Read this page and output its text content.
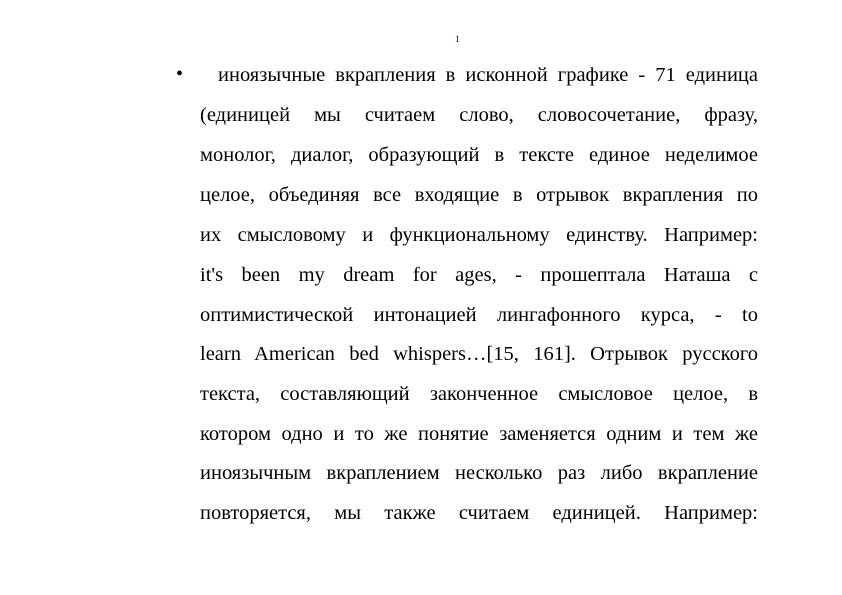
1
• иноязычные вкрапления в исконной графике - 71 единица
(единицей мы считаем слово, словосочетание, фразу,
монолог, диалог, образующий в тексте единое неделимое
целое, объединяя все входящие в отрывок вкрапления по
их смысловому и функциональному единству. Например:
it's been my dream for ages, - прошептала Наташа с
оптимистической интонацией лингафонного курса, - to
learn American bed whispers…[15, 161]. Отрывок русского
текста, составляющий законченное смысловое целое, в
котором одно и то же понятие заменяется одним и тем же
иноязычным вкраплением несколько раз либо вкрапление
повторяется, мы также считаем единицей. Например:
